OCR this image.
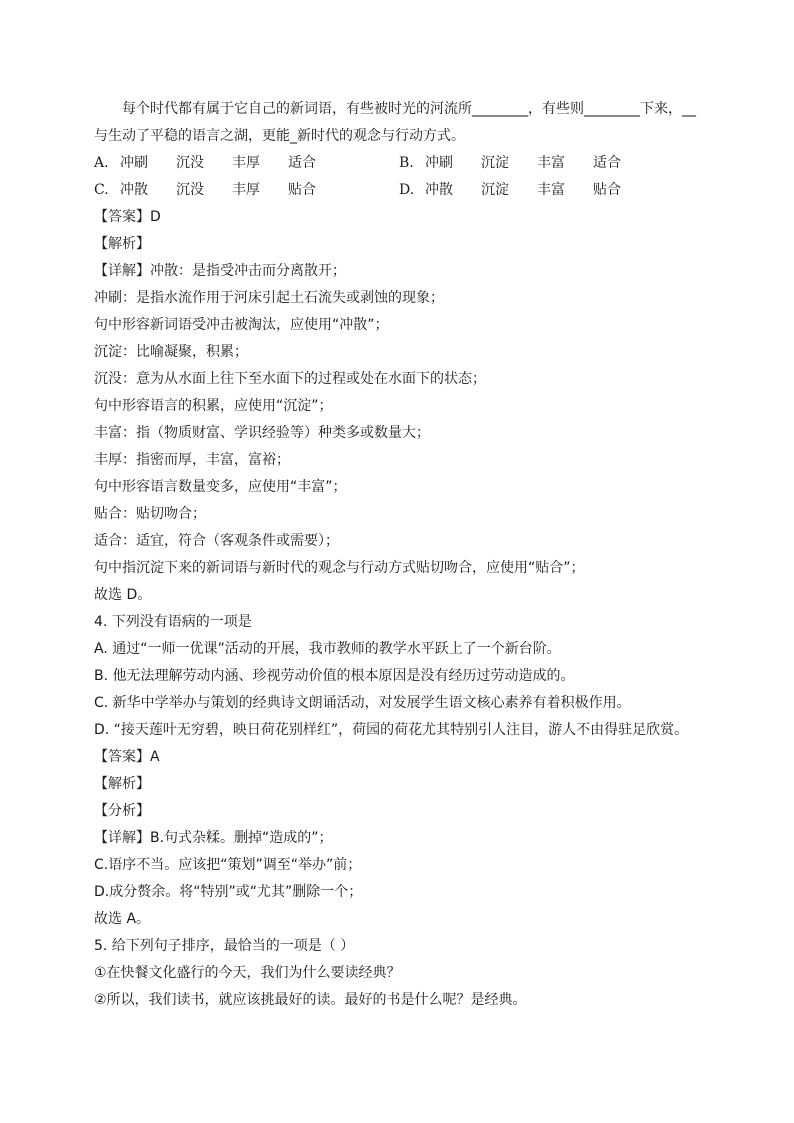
每个时代都有属于它自己的新词语，有些被时光的河流所________，有些则________下来，__
与生动了平稳的语言之湖，更能_新时代的观念与行动方式。
A. 冲刷	沉没	丰厚	适合	B. 冲刷	沉淀	丰富	适合
C. 冲散	沉没	丰厚	贴合	D. 冲散	沉淀	丰富	贴合
【答案】D
【解析】
【详解】冲散：是指受冲击而分离散开；
冲刷：是指水流作用于河床引起土石流失或剥蚀的现象；
句中形容新词语受冲击被淘汰，应使用“冲散”；
沉淀：比喻凝聚，积累；
沉没：意为从水面上往下至水面下的过程或处在水面下的状态；
句中形容语言的积累，应使用“沉淀”；
丰富：指（物质财富、学识经验等）种类多或数量大；
丰厚：指密而厚，丰富，富裕；
句中形容语言数量变多，应使用“丰富”；
贴合：贴切吻合；
适合：适宜，符合（客观条件或需要）；
句中指沉淀下来的新词语与新时代的观念与行动方式贴切吻合，应使用“贴合”；
故选 D。
4. 下列没有语病的一项是
A. 通过“一师一优课”活动的开展，我市教师的教学水平跃上了一个新台阶。
B. 他无法理解劳动内涵、珍视劳动价值的根本原因是没有经历过劳动造成的。
C. 新华中学举办与策划的经典诗文朗诵活动，对发展学生语文核心素养有着积极作用。
D. “接天莲叶无穷碧，映日荷花别样红”，荷园的荷花尤其特别引人注目，游人不由得驻足欣赏。
【答案】A
【解析】
【分析】
【详解】B.句式杂糅。删掉“造成的”；
C.语序不当。应该把“策划”调至“举办”前；
D.成分赘余。将“特别”或“尤其”删除一个；
故选 A。
5. 给下列句子排序，最恰当的一项是（ ）
①在快餐文化盛行的今天，我们为什么要读经典？
②所以，我们读书，就应该挑最好的读。最好的书是什么呢？是经典。
